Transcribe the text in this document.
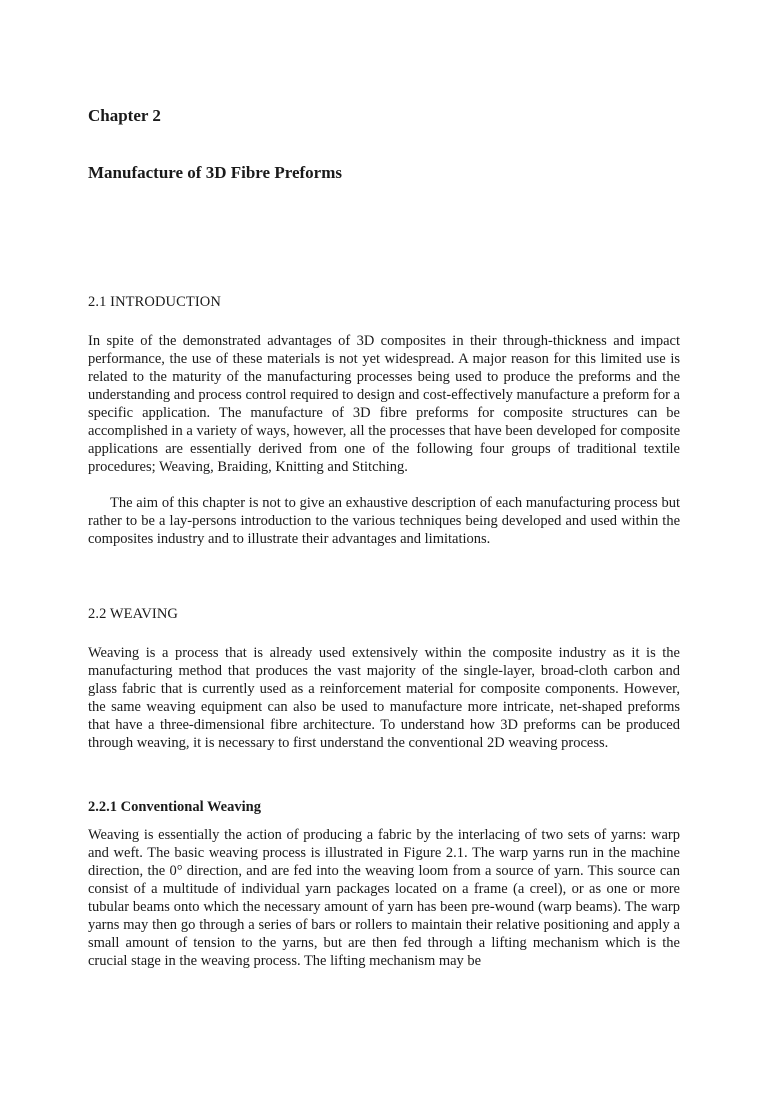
Chapter 2
Manufacture of 3D Fibre Preforms
2.1 INTRODUCTION

In spite of the demonstrated advantages of 3D composites in their through-thickness and impact performance, the use of these materials is not yet widespread. A major reason for this limited use is related to the maturity of the manufacturing processes being used to produce the preforms and the understanding and process control required to design and cost-effectively manufacture a preform for a specific application. The manufacture of 3D fibre preforms for composite structures can be accomplished in a variety of ways, however, all the processes that have been developed for composite applications are essentially derived from one of the following four groups of traditional textile procedures; Weaving, Braiding, Knitting and Stitching.

The aim of this chapter is not to give an exhaustive description of each manufacturing process but rather to be a lay-persons introduction to the various techniques being developed and used within the composites industry and to illustrate their advantages and limitations.

2.2 WEAVING

Weaving is a process that is already used extensively within the composite industry as it is the manufacturing method that produces the vast majority of the single-layer, broad-cloth carbon and glass fabric that is currently used as a reinforcement material for composite components. However, the same weaving equipment can also be used to manufacture more intricate, net-shaped preforms that have a three-dimensional fibre architecture. To understand how 3D preforms can be produced through weaving, it is necessary to first understand the conventional 2D weaving process.

2.2.1 Conventional Weaving

Weaving is essentially the action of producing a fabric by the interlacing of two sets of yarns: warp and weft. The basic weaving process is illustrated in Figure 2.1. The warp yarns run in the machine direction, the 0° direction, and are fed into the weaving loom from a source of yarn. This source can consist of a multitude of individual yarn packages located on a frame (a creel), or as one or more tubular beams onto which the necessary amount of yarn has been pre-wound (warp beams). The warp yarns may then go through a series of bars or rollers to maintain their relative positioning and apply a small amount of tension to the yarns, but are then fed through a lifting mechanism which is the crucial stage in the weaving process. The lifting mechanism may be
